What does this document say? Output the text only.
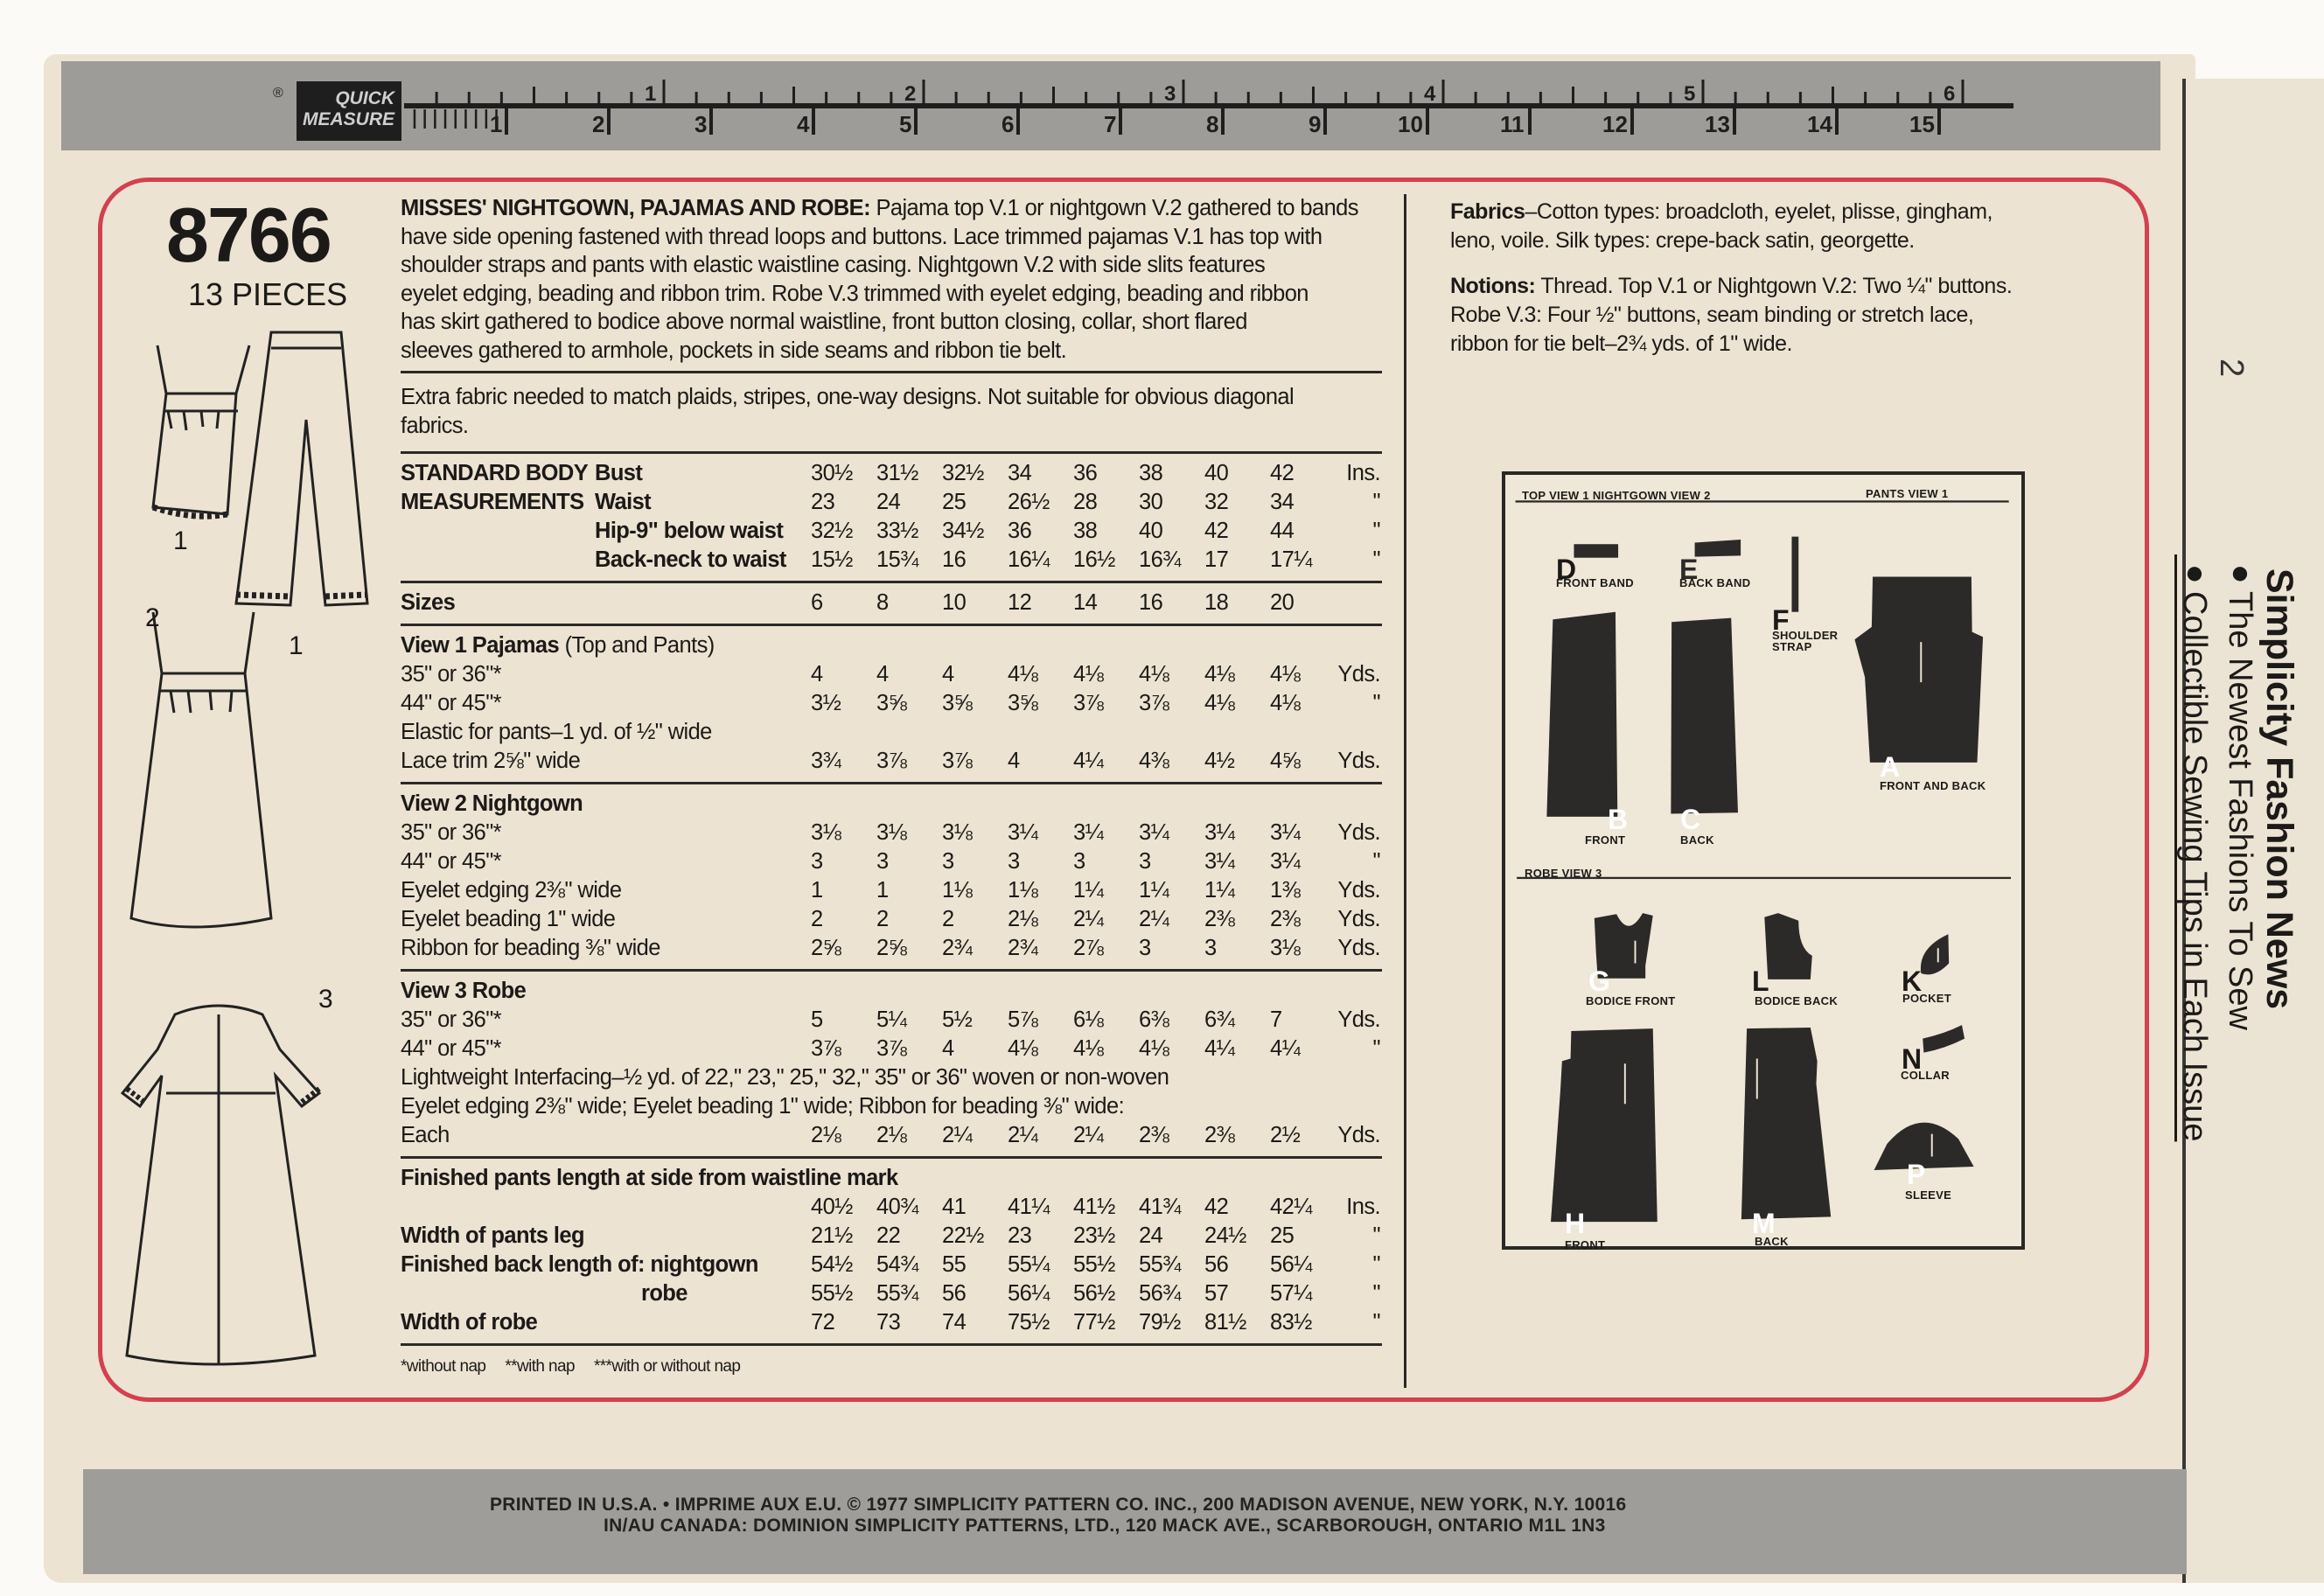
2
Simplicity Fashion News
●The Newest Fashions To Sew
●Collectible Sewing Tips in Each Issue
1	2	3	4	5	6
1	2	3	4	5	6	7	8	9	10	11	12	13	14	15
®	QUICK
MEASURE
PRINTED IN U.S.A. • IMPRIME AUX E.U. © 1977 SIMPLICITY PATTERN CO. INC., 200 MADISON AVENUE, NEW YORK, N.Y. 10016
IN/AU CANADA: DOMINION SIMPLICITY PATTERNS, LTD., 120 MACK AVE., SCARBOROUGH, ONTARIO M1L 1N3
8766
13 PIECES
1
2
1
3
MISSES' NIGHTGOWN, PAJAMAS AND ROBE: Pajama top V.1 or nightgown V.2 gathered to bands
have side opening fastened with thread loops and buttons. Lace trimmed pajamas V.1 has top with
shoulder straps and pants with elastic waistline casing. Nightgown V.2 with side slits features
eyelet edging, beading and ribbon trim. Robe V.3 trimmed with eyelet edging, beading and ribbon
has skirt gathered to bodice above normal waistline, front button closing, collar, short flared
sleeves gathered to armhole, pockets in side seams and ribbon tie belt.
Extra fabric needed to match plaids, stripes, one-way designs. Not suitable for obvious diagonal
fabrics.
STANDARD BODY Bust	30½ 31½ 32½ 34 36 38 40 42 Ins.
MEASUREMENTS Waist	23 24 25 26½ 28 30 32 34	"
Hip-9" below waist 32½ 33½ 34½ 36 38 40 42 44	"
Back-neck to waist 15½ 15¾ 16 16¼ 16½ 16¾ 17 17¼	"
Sizes	6 8 10 12 14 16 18 20
View 1 Pajamas (Top and Pants)
35" or 36"*	4 4 4 4⅛ 4⅛ 4⅛ 4⅛ 4⅛ Yds.
44" or 45"*	3½ 3⅝ 3⅝ 3⅝ 3⅞ 3⅞ 4⅛ 4⅛	"
Elastic for pants–1 yd. of ½" wide
Lace trim 2⅝" wide	3¾ 3⅞ 3⅞ 4 4¼ 4⅜ 4½ 4⅝ Yds.
View 2 Nightgown
35" or 36"*	3⅛ 3⅛ 3⅛ 3¼ 3¼ 3¼ 3¼ 3¼ Yds.
44" or 45"*	3 3 3 3 3 3 3¼ 3¼	"
Eyelet edging 2⅜" wide	1 1 1⅛ 1⅛ 1¼ 1¼ 1¼ 1⅜ Yds.
Eyelet beading 1" wide	2 2 2 2⅛ 2¼ 2¼ 2⅜ 2⅜ Yds.
Ribbon for beading ⅜" wide	2⅝ 2⅝ 2¾ 2¾ 2⅞ 3 3 3⅛ Yds.
View 3 Robe
35" or 36"*	5 5¼ 5½ 5⅞ 6⅛ 6⅜ 6¾ 7	Yds.
44" or 45"*	3⅞ 3⅞ 4 4⅛ 4⅛ 4⅛ 4¼ 4¼	"
Lightweight Interfacing–½ yd. of 22," 23," 25," 32," 35" or 36" woven or non-woven
Eyelet edging 2⅜" wide; Eyelet beading 1" wide; Ribbon for beading ⅜" wide:
Each	2⅛ 2⅛ 2¼ 2¼ 2¼ 2⅜ 2⅜ 2½ Yds.
Finished pants length at side from waistline mark
40½ 40¾ 41 41¼ 41½ 41¾ 42 42¼ Ins.
Width of pants leg	21½ 22 22½ 23 23½ 24 24½ 25	"
Finished back length of: nightgown 54½ 54¾ 55 55¼ 55½ 55¾ 56 56¼	"
robe	55½ 55¾ 56 56¼ 56½ 56¾ 57 57¼	"
Width of robe	72 73 74 75½ 77½ 79½ 81½ 83½	"
*without nap **with nap ***with or without nap
Fabrics–Cotton types: broadcloth, eyelet, plisse, gingham,
leno, voile. Silk types: crepe-back satin, georgette.
Notions: Thread. Top V.1 or Nightgown V.2: Two ¼" buttons.
Robe V.3: Four ½" buttons, seam binding or stretch lace,
ribbon for tie belt–2¾ yds. of 1" wide.
TOP VIEW 1 NIGHTGOWN VIEW 2	PANTS VIEW 1
ROBE VIEW 3
D
FRONT BAND E
BACK BAND
F
SHOULDER STRAP
A
FRONT AND BACK
B
FRONT
C
BACK
G
BODICE FRONT
L
BODICE BACK
K
POCKET
N
COLLAR
P
SLEEVE
H
FRONT
M
BACK
